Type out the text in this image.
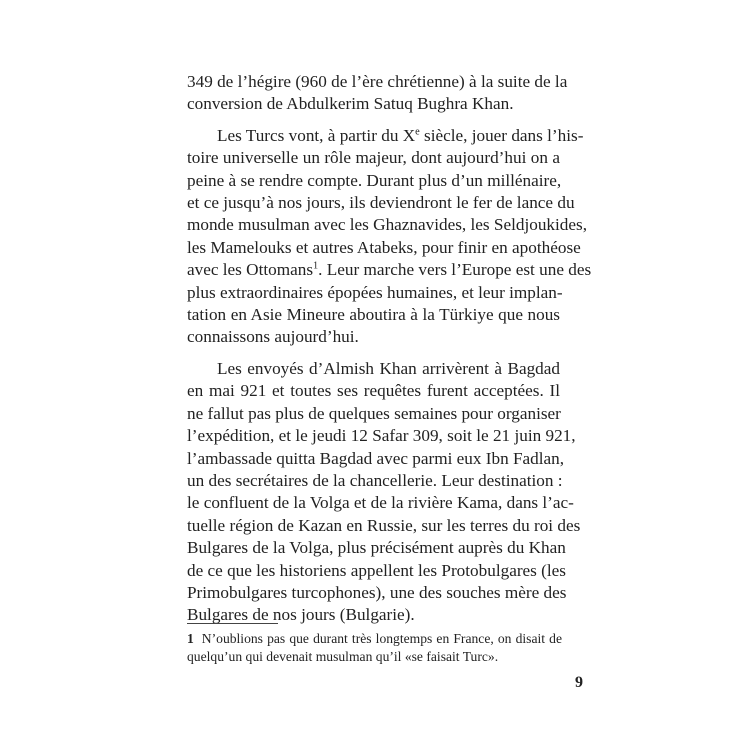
349 de l’hégire (960 de l’ère chrétienne) à la suite de la
conversion de Abdulkerim Satuq Bughra Khan.
Les Turcs vont, à partir du Xe siècle, jouer dans l’his-
toire universelle un rôle majeur, dont aujourd’hui on a
peine à se rendre compte. Durant plus d’un millénaire,
et ce jusqu’à nos jours, ils deviendront le fer de lance du
monde musulman avec les Ghaznavides, les Seldjoukides,
les Mamelouks et autres Atabeks, pour finir en apothéose
avec les Ottomans$^1$. Leur marche vers l’Europe est une des
plus extraordinaires épopées humaines, et leur implan-
tation en Asie Mineure aboutira à la Türkiye que nous
connaissons aujourd’hui.
Les envoyés d’Almish Khan arrivèrent à Bagdad
en mai 921 et toutes ses requêtes furent acceptées. Il
ne fallut pas plus de quelques semaines pour organiser
l’expédition, et le jeudi 12 Safar 309, soit le 21 juin 921,
l’ambassade quitta Bagdad avec parmi eux Ibn Fadlan,
un des secrétaires de la chancellerie. Leur destination :
le confluent de la Volga et de la rivière Kama, dans l’ac-
tuelle région de Kazan en Russie, sur les terres du roi des
Bulgares de la Volga, plus précisément auprès du Khan
de ce que les historiens appellent les Protobulgares (les
Primobulgares turcophones), une des souches mère des
Bulgares de nos jours (Bulgarie).
1 N’oublions pas que durant très longtemps en France, on disait de
quelqu’un qui devenait musulman qu’il «se faisait Turc».
9
